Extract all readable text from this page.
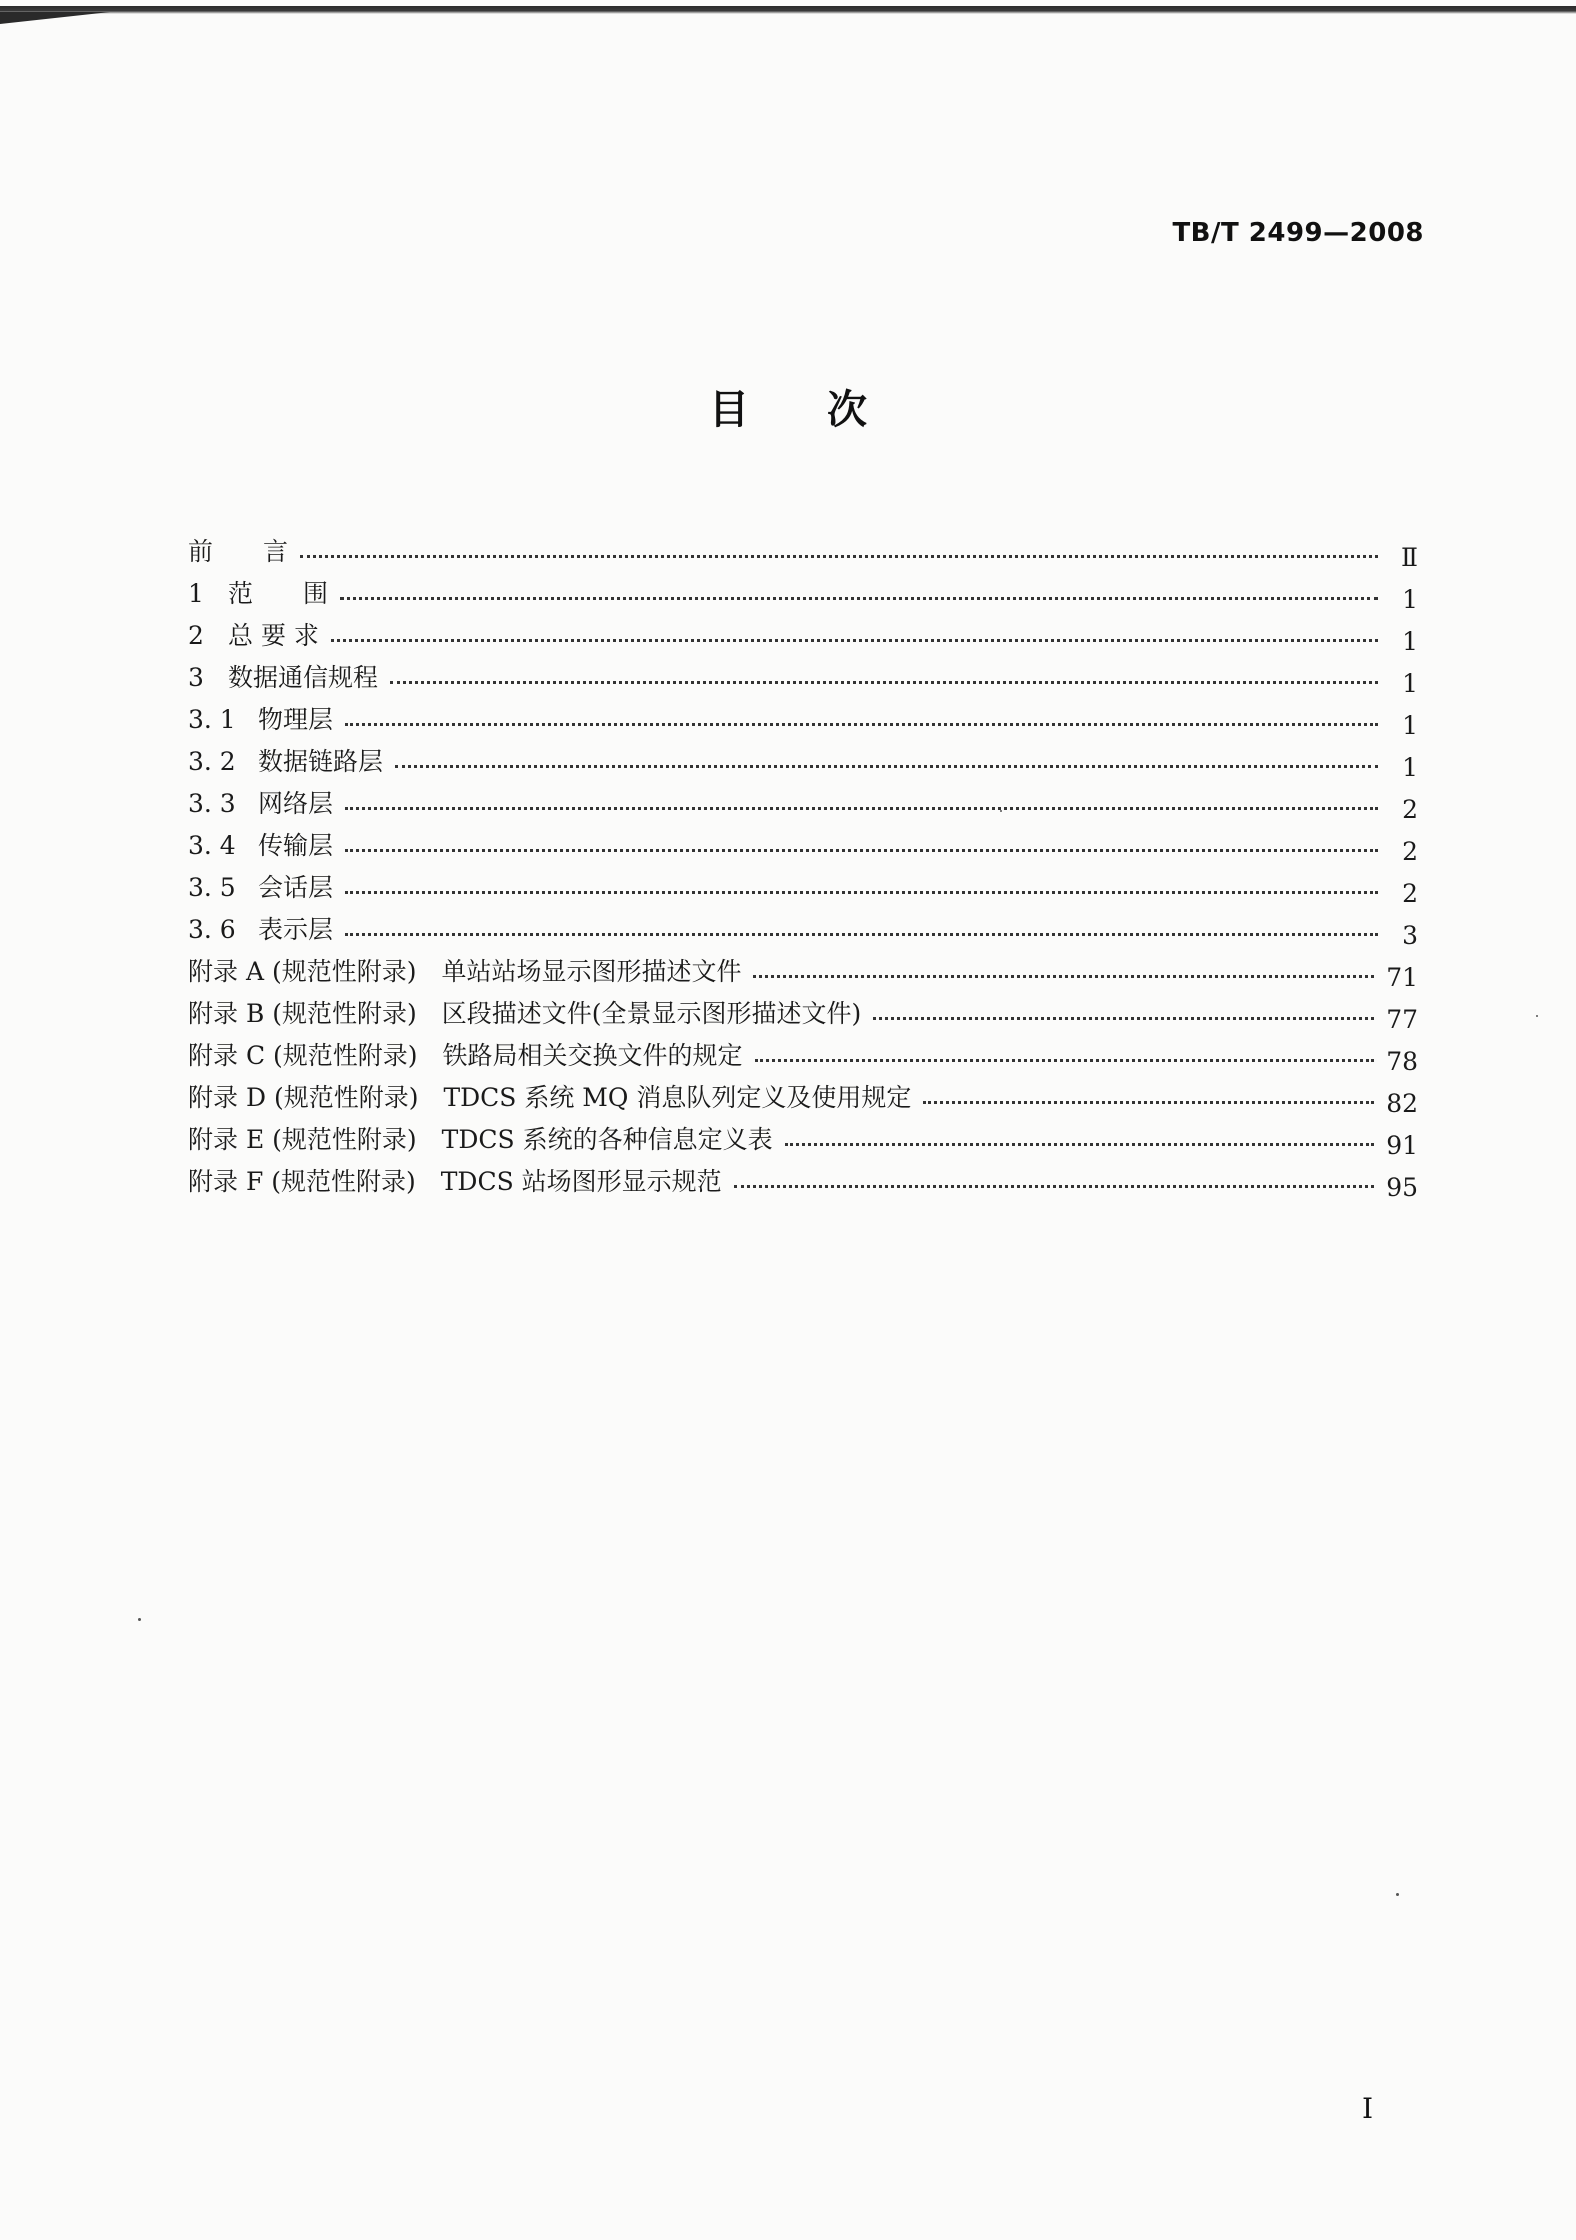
TB/T 2499—2008
目 次
前　　言	Ⅱ
1 范　　围	1
2 总 要 求	1
3 数据通信规程	1
3. 1 物理层	1
3. 2 数据链路层	1
3. 3 网络层	2
3. 4 传输层	2
3. 5 会话层	2
3. 6 表示层	3
附录 A (规范性附录)　单站站场显示图形描述文件	71
附录 B (规范性附录)　区段描述文件(全景显示图形描述文件)	77
附录 C (规范性附录)　铁路局相关交换文件的规定	78
附录 D (规范性附录)　TDCS 系统 MQ 消息队列定义及使用规定	82
附录 E (规范性附录)　TDCS 系统的各种信息定义表	91
附录 F (规范性附录)　TDCS 站场图形显示规范	95
I
